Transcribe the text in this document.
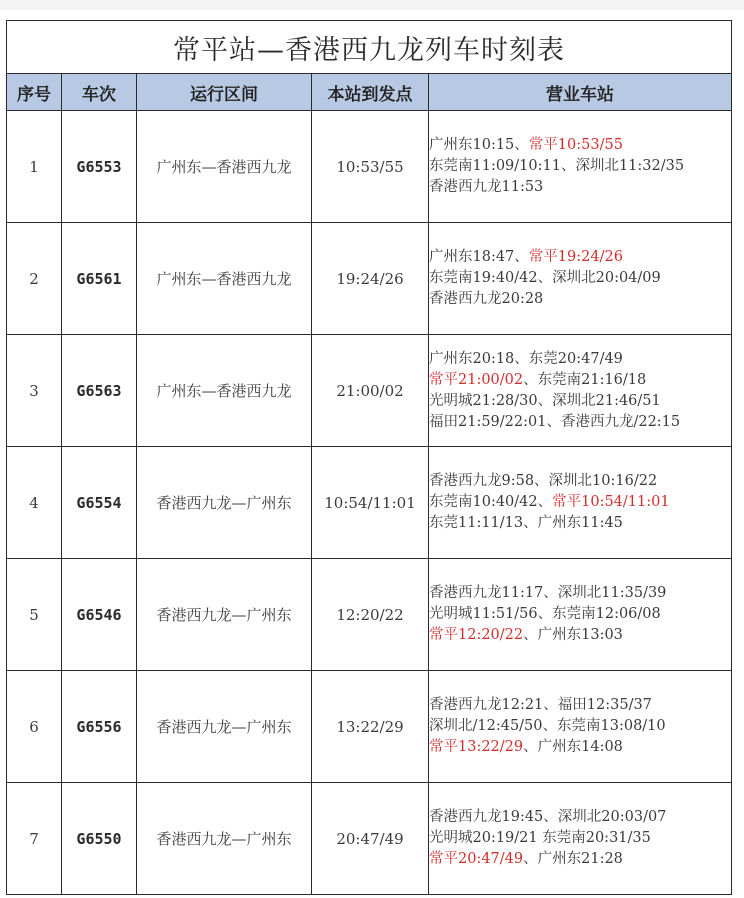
常平站—香港西九龙列车时刻表				
序号	车次	运行区间	本站到发点	营业车站
1	G6553	广州东—香港西九龙	10:53/55	广州东10:15、常平10:53/55
东莞南11:09/10:11、深圳北11:32/35
香港西九龙11:53

2	G6561	广州东—香港西九龙	19:24/26	广州东18:47、常平19:24/26
东莞南19:40/42、深圳北20:04/09
香港西九龙20:28

3	G6563	广州东—香港西九龙	21:00/02	广州东20:18、东莞20:47/49
常平21:00/02、东莞南21:16/18
光明城21:28/30、深圳北21:46/51
福田21:59/22:01、香港西九龙/22:15

4	G6554	香港西九龙—广州东	10:54/11:01	香港西九龙9:58、深圳北10:16/22
东莞南10:40/42、常平10:54/11:01
东莞11:11/13、广州东11:45

5	G6546	香港西九龙—广州东	12:20/22	香港西九龙11:17、深圳北11:35/39
光明城11:51/56、东莞南12:06/08
常平12:20/22、广州东13:03

6	G6556	香港西九龙—广州东	13:22/29	香港西九龙12:21、福田12:35/37
深圳北/12:45/50、东莞南13:08/10
常平13:22/29、广州东14:08

7	G6550	香港西九龙—广州东	20:47/49	香港西九龙19:45、深圳北20:03/07
光明城20:19/21 东莞南20:31/35
常平20:47/49、广州东21:28
